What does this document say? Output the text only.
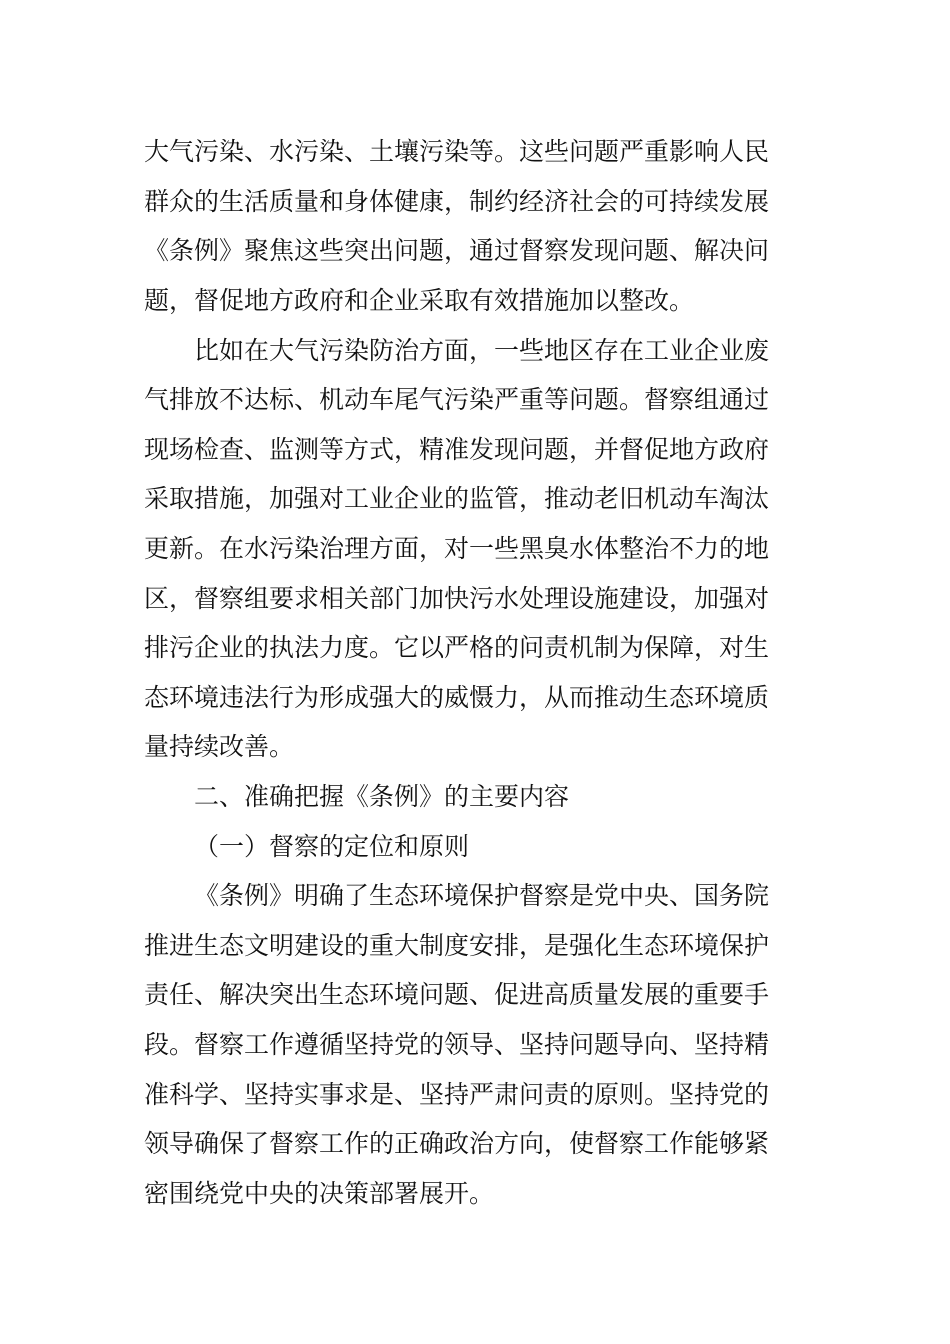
大气污染、水污染、土壤污染等。这些问题严重影响人民
群众的生活质量和身体健康，制约经济社会的可持续发展
《条例》聚焦这些突出问题，通过督察发现问题、解决问
题，督促地方政府和企业采取有效措施加以整改。
比如在大气污染防治方面，一些地区存在工业企业废
气排放不达标、机动车尾气污染严重等问题。督察组通过
现场检查、监测等方式，精准发现问题，并督促地方政府
采取措施，加强对工业企业的监管，推动老旧机动车淘汰
更新。在水污染治理方面，对一些黑臭水体整治不力的地
区，督察组要求相关部门加快污水处理设施建设，加强对
排污企业的执法力度。它以严格的问责机制为保障，对生
态环境违法行为形成强大的威慑力，从而推动生态环境质
量持续改善。
二、准确把握《条例》的主要内容
（一）督察的定位和原则
《条例》明确了生态环境保护督察是党中央、国务院
推进生态文明建设的重大制度安排，是强化生态环境保护
责任、解决突出生态环境问题、促进高质量发展的重要手
段。督察工作遵循坚持党的领导、坚持问题导向、坚持精
准科学、坚持实事求是、坚持严肃问责的原则。坚持党的
领导确保了督察工作的正确政治方向，使督察工作能够紧
密围绕党中央的决策部署展开。
